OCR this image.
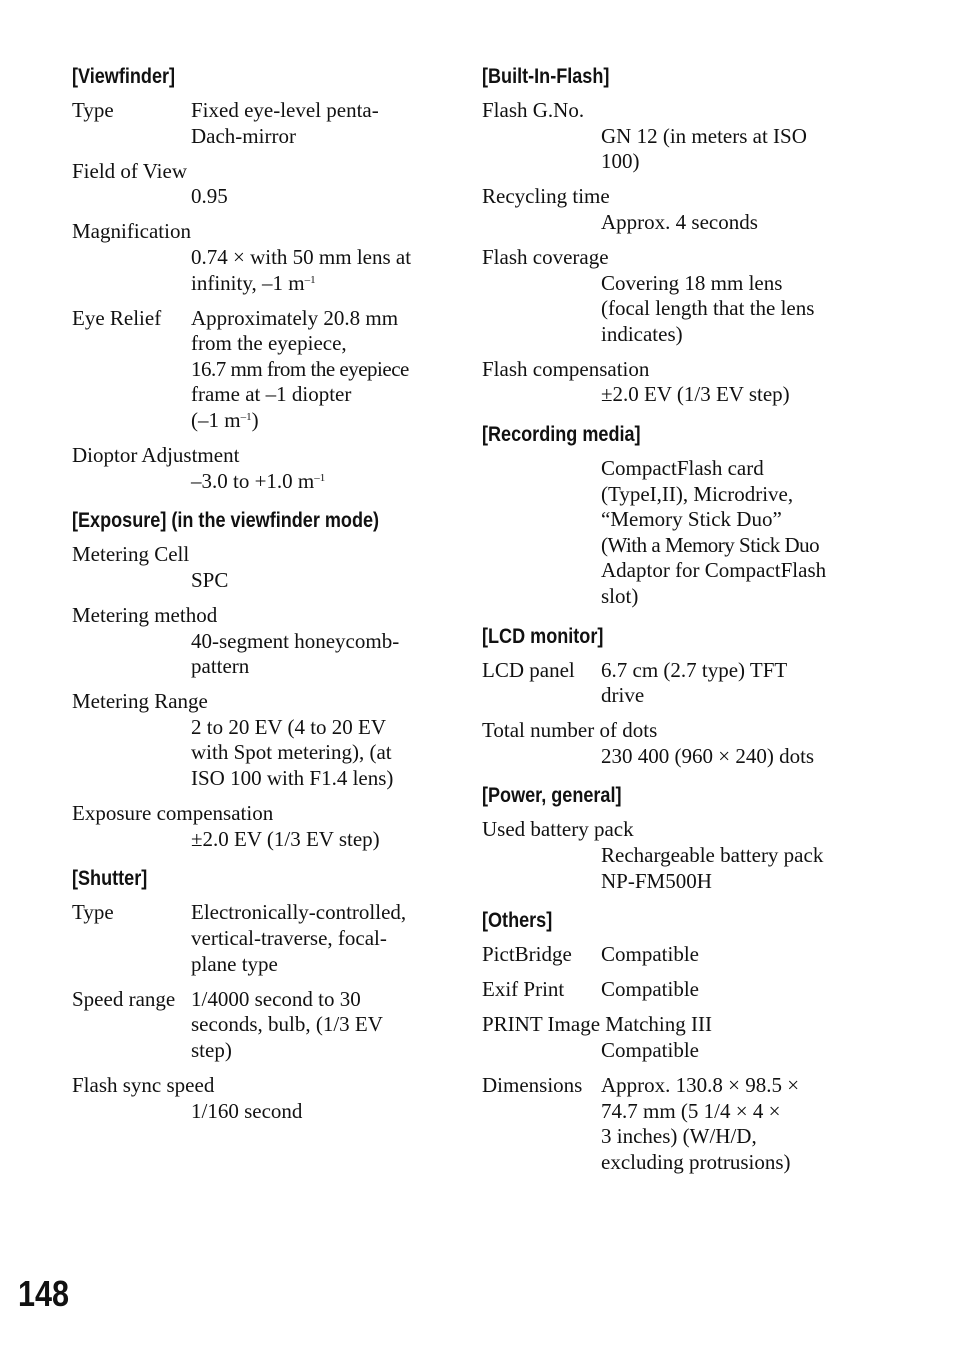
[Viewfinder]
Type	Fixed eye-level penta-
Dach-mirror
Field of View
0.95
Magnification
0.74 × with 50 mm lens at
infinity, –1 $m^{-1}$
Eye Relief	Approximately 20.8 mm
from the eyepiece,
16.7 mm from the eyepiece
frame at –1 diopter
(–1 $m^{-1}$)
Dioptor Adjustment
–3.0 to +1.0 $m^{-1}$
[Exposure] (in the viewfinder mode)
Metering Cell
SPC
Metering method
40-segment honeycomb-
pattern
Metering Range
2 to 20 EV (4 to 20 EV
with Spot metering), (at
ISO 100 with F1.4 lens)
Exposure compensation
±2.0 EV (1/3 EV step)
[Shutter]
Type	Electronically-controlled,
vertical-traverse, focal-
plane type
Speed range 1/4000 second to 30
seconds, bulb, (1/3 EV
step)
Flash sync speed
1/160 second
[Built-In-Flash]
Flash G.No.
GN 12 (in meters at ISO
100)
Recycling time
Approx. 4 seconds
Flash coverage
Covering 18 mm lens
(focal length that the lens
indicates)
Flash compensation
±2.0 EV (1/3 EV step)
[Recording media]
CompactFlash card
(TypeI,II), Microdrive,
“Memory Stick Duo”
(With a Memory Stick Duo
Adaptor for CompactFlash
slot)
[LCD monitor]
LCD panel	6.7 cm (2.7 type) TFT
drive
Total number of dots
230 400 (960 × 240) dots
[Power, general]
Used battery pack
Rechargeable battery pack
NP-FM500H
[Others]
PictBridge	Compatible
Exif Print	Compatible
PRINT Image Matching III
Compatible
Dimensions Approx. 130.8 × 98.5 ×
74.7 mm (5 1/4 × 4 ×
3 inches) (W/H/D,
excluding protrusions)
148
